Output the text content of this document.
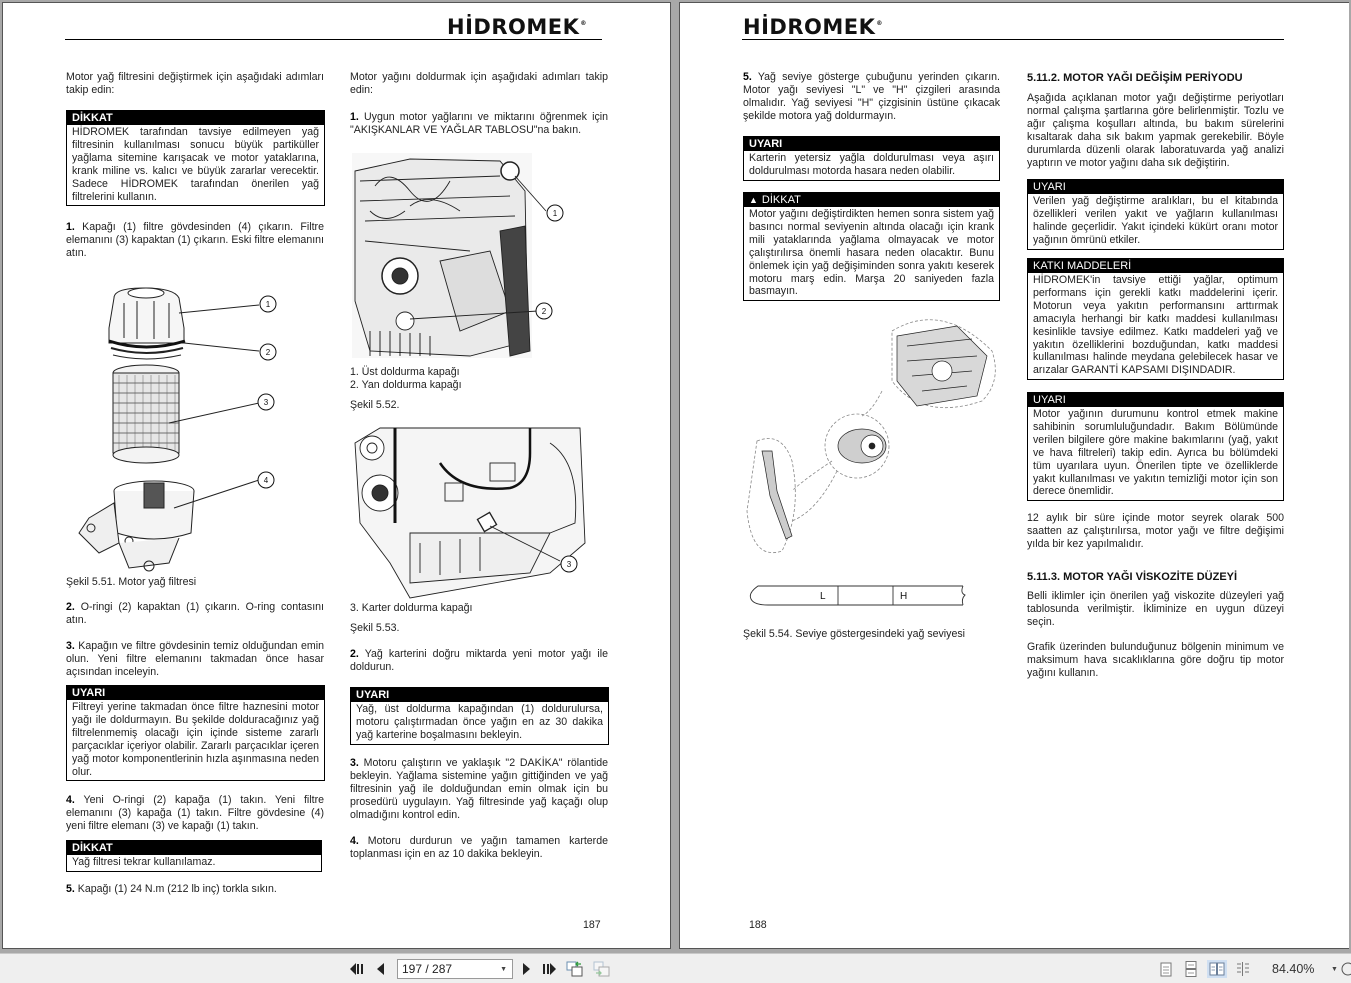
HİDROMEK®
Motor yağ filtresini değiştirmek için aşağıdaki adımları takip edin:
DİKKAT
HİDROMEK tarafından tavsiye edilmeyen yağ filtresinin kullanılması sonucu büyük partiküller yağlama sitemine karışacak ve motor yataklarına, krank miline vs. kalıcı ve büyük zararlar verecektir. Sadece HİDROMEK tarafından önerilen yağ filtrelerini kullanın.
1. Kapağı (1) filtre gövdesinden (4) çıkarın. Filtre elemanını (3) kapaktan (1) çıkarın. Eski filtre elemanını atın.
1
2
3
4
Şekil 5.51. Motor yağ filtresi
2. O-ringi (2) kapaktan (1) çıkarın. O-ring contasını atın.
3. Kapağın ve filtre gövdesinin temiz olduğundan emin olun. Yeni filtre elemanını takmadan önce hasar açısından inceleyin.
UYARI
Filtreyi yerine takmadan önce filtre haznesini motor yağı ile doldurmayın. Bu şekilde dolduracağınız yağ filtrelenmemiş olacağı için içinde sisteme zararlı parçacıklar içeriyor olabilir. Zararlı parçacıklar içeren yağ motor komponentlerinin hızla aşınmasına neden olur.
4. Yeni O-ringi (2) kapağa (1) takın. Yeni filtre elemanını (3) kapağa (1) takın. Filtre gövdesine (4) yeni filtre elemanı (3) ve kapağı (1) takın.
DİKKAT
Yağ filtresi tekrar kullanılamaz.
5. Kapağı (1) 24 N.m (212 lb inç) torkla sıkın.
Motor yağını doldurmak için aşağıdaki adımları takip edin:
1. Uygun motor yağlarını ve miktarını öğrenmek için "AKIŞKANLAR VE YAĞLAR TABLOSU"na bakın.
1
2
1. Üst doldurma kapağı
2. Yan doldurma kapağı
Şekil 5.52.
3
3. Karter doldurma kapağı
Şekil 5.53.
2. Yağ karterini doğru miktarda yeni motor yağı ile doldurun.
UYARI
Yağ, üst doldurma kapağından (1) doldurulursa, motoru çalıştırmadan önce yağın en az 30 dakika yağ karterine boşalmasını bekleyin.
3. Motoru çalıştırın ve yaklaşık "2 DAKİKA" rölantide bekleyin. Yağlama sistemine yağın gittiğinden ve yağ filtresinin yağ ile dolduğundan emin olmak için bu prosedürü uygulayın. Yağ filtresinde yağ kaçağı olup olmadığını kontrol edin.
4. Motoru durdurun ve yağın tamamen karterde toplanması için en az 10 dakika bekleyin.
187
HİDROMEK®
5. Yağ seviye gösterge çubuğunu yerinden çıkarın. Motor yağı seviyesi "L" ve "H" çizgileri arasında olmalıdır. Yağ seviyesi "H" çizgisinin üstüne çıkacak şekilde motora yağ doldurmayın.
UYARI
Karterin yetersiz yağla doldurulması veya aşırı doldurulması motorda hasara neden olabilir.
▲ DİKKAT
Motor yağını değiştirdikten hemen sonra sistem yağ basıncı normal seviyenin altında olacağı için krank mili yataklarında yağlama olmayacak ve motor çalıştırılırsa önemli hasara neden olacaktır. Bunu önlemek için yağ değişiminden sonra yakıtı keserek motoru marş edin. Marşa 20 saniyeden fazla basmayın.
L	H
Şekil 5.54. Seviye göstergesindeki yağ seviyesi
5.11.2. MOTOR YAĞI DEĞİŞİM PERİYODU
Aşağıda açıklanan motor yağı değiştirme periyotları normal çalışma şartlarına göre belirlenmiştir. Tozlu ve ağır çalışma koşulları altında, bu bakım sürelerini kısaltarak daha sık bakım yapmak gerekebilir. Böyle durumlarda düzenli olarak laboratuvarda yağ analizi yaptırın ve motor yağını daha sık değiştirin.
UYARI
Verilen yağ değiştirme aralıkları, bu el kitabında özellikleri verilen yakıt ve yağların kullanılması halinde geçerlidir. Yakıt içindeki kükürt oranı motor yağının ömrünü etkiler.
KATKI MADDELERİ
HİDROMEK'in tavsiye ettiği yağlar, optimum performans için gerekli katkı maddelerini içerir. Motorun veya yakıtın performansını arttırmak amacıyla herhangi bir katkı maddesi kullanılması kesinlikle tavsiye edilmez. Katkı maddeleri yağ ve yakıtın özelliklerini bozduğundan, katkı maddesi kullanılması halinde meydana gelebilecek hasar ve arızalar GARANTİ KAPSAMI DIŞINDADIR.
UYARI
Motor yağının durumunu kontrol etmek makine sahibinin sorumluluğundadır. Bakım Bölümünde verilen bilgilere göre makine bakımlarını (yağ, yakıt ve hava filtreleri) takip edin. Ayrıca bu bölümdeki tüm uyarılara uyun. Önerilen tipte ve özelliklerde yakıt kullanılması ve yakıtın temizliği motor için son derece önemlidir.
12 aylık bir süre içinde motor seyrek olarak 500 saatten az çalıştırılırsa, motor yağı ve filtre değişimi yılda bir kez yapılmalıdır.
5.11.3. MOTOR YAĞI VİSKOZİTE DÜZEYİ
Belli iklimler için önerilen yağ viskozite düzeyleri yağ tablosunda verilmiştir. İkliminize en uygun düzeyi seçin.
Grafik üzerinden bulunduğunuz bölgenin minimum ve maksimum hava sıcaklıklarına göre doğru tip motor yağını kullanın.
188
197 / 287	▼	84.40% ▼
